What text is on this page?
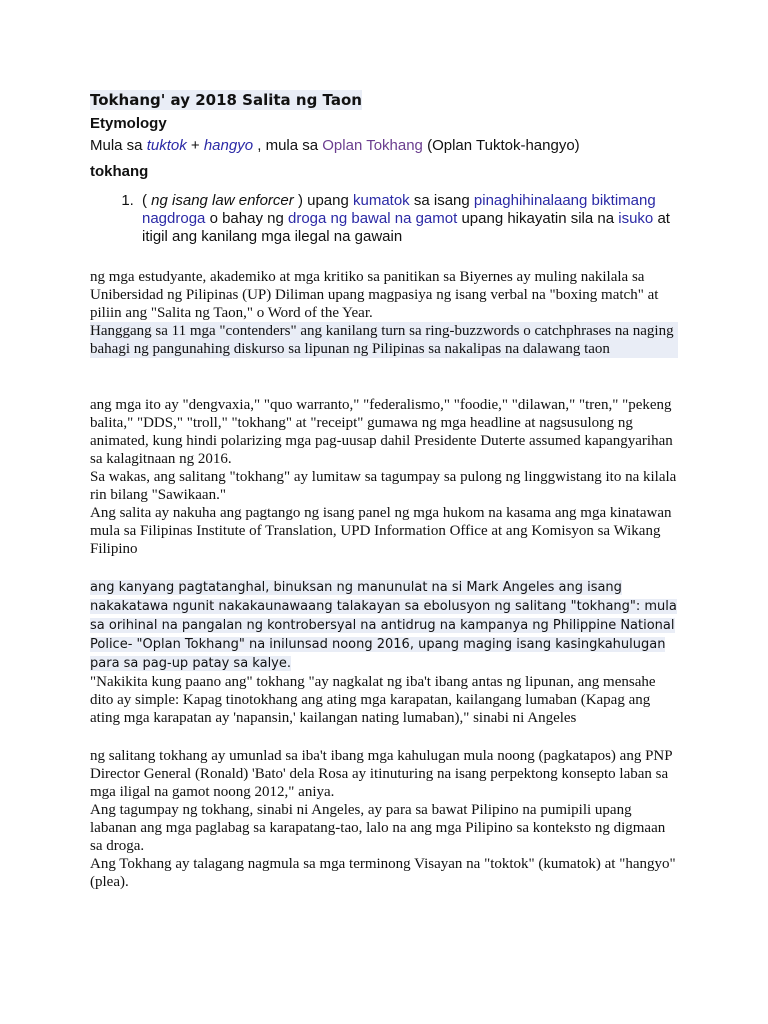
Tokhang' ay 2018 Salita ng Taon
Etymology
Mula sa tuktok + hangyo , mula sa Oplan Tokhang (Oplan Tuktok-hangyo)
tokhang
1. ( ng isang law enforcer ) upang kumatok sa isang pinaghihinalaang biktimang nagdroga o bahay ng droga ng bawal na gamot upang hikayatin sila na isuko at itigil ang kanilang mga ilegal na gawain

ng mga estudyante, akademiko at mga kritiko sa panitikan sa Biyernes ay muling nakilala sa Unibersidad ng Pilipinas (UP) Diliman upang magpasiya ng isang verbal na "boxing match" at piliin ang "Salita ng Taon," o Word of the Year.

Hanggang sa 11 mga "contenders" ang kanilang turn sa ring-buzzwords o catchphrases na naging bahagi ng pangunahing diskurso sa lipunan ng Pilipinas sa nakalipas na dalawang taon

ang mga ito ay "dengvaxia," "quo warranto," "federalismo," "foodie," "dilawan," "tren," "pekeng balita," "DDS," "troll," "tokhang" at "receipt" gumawa ng mga headline at nagsusulong ng animated, kung hindi polarizing mga pag-uusap dahil Presidente Duterte assumed kapangyarihan sa kalagitnaan ng 2016.

Sa wakas, ang salitang "tokhang" ay lumitaw sa tagumpay sa pulong ng linggwistang ito na kilala rin bilang "Sawikaan."

Ang salita ay nakuha ang pagtango ng isang panel ng mga hukom na kasama ang mga kinatawan mula sa Filipinas Institute of Translation, UPD Information Office at ang Komisyon sa Wikang Filipino

ang kanyang pagtatanghal, binuksan ng manunulat na si Mark Angeles ang isang nakakatawa ngunit nakakaunawaang talakayan sa ebolusyon ng salitang "tokhang": mula sa orihinal na pangalan ng kontrobersyal na antidrug na kampanya ng Philippine National Police- "Oplan Tokhang" na inilunsad noong 2016, upang maging isang kasingkahulugan para sa pag-up patay sa kalye.

"Nakikita kung paano ang" tokhang "ay nagkalat ng iba't ibang antas ng lipunan, ang mensahe dito ay simple: Kapag tinotokhang ang ating mga karapatan, kailangang lumaban (Kapag ang ating mga karapatan ay 'napansin,' kailangan nating lumaban)," sinabi ni Angeles

ng salitang tokhang ay umunlad sa iba't ibang mga kahulugan mula noong (pagkatapos) ang PNP Director General (Ronald) 'Bato' dela Rosa ay itinuturing na isang perpektong konsepto laban sa mga iligal na gamot noong 2012," aniya.

Ang tagumpay ng tokhang, sinabi ni Angeles, ay para sa bawat Pilipino na pumipili upang labanan ang mga paglabag sa karapatang-tao, lalo na ang mga Pilipino sa konteksto ng digmaan sa droga.

Ang Tokhang ay talagang nagmula sa mga terminong Visayan na "toktok" (kumatok) at "hangyo" (plea).
